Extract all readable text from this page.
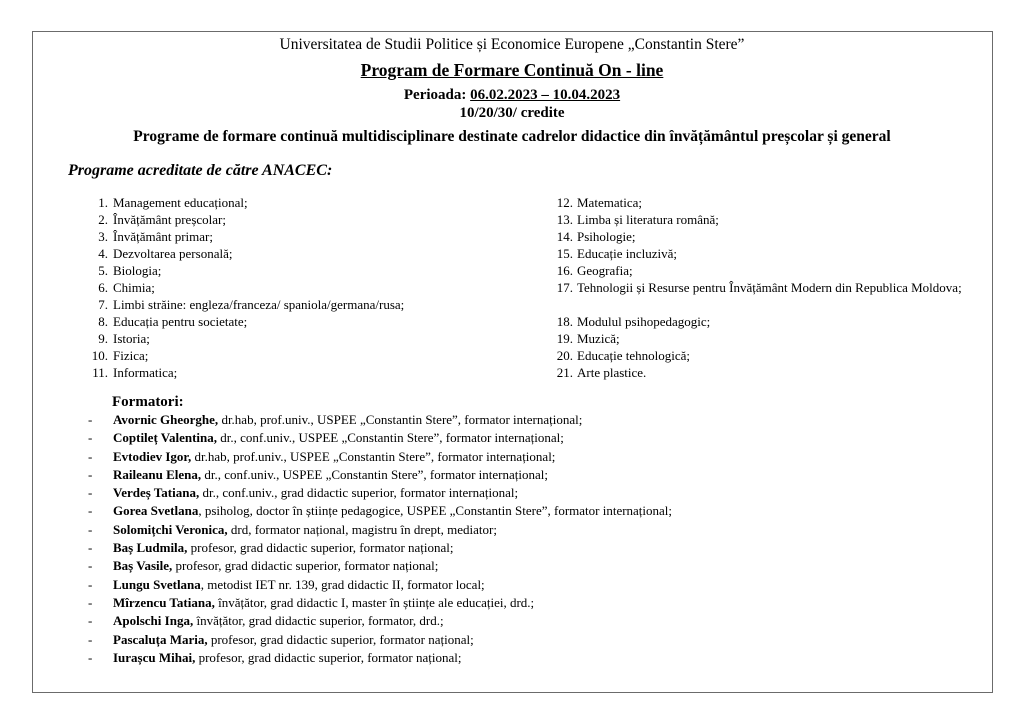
Universitatea de Studii Politice și Economice Europene „Constantin Stere”
Program de Formare Continuă On - line
Perioada: 06.02.2023 – 10.04.2023
10/20/30/ credite
Programe de formare continuă multidisciplinare destinate cadrelor didactice din învățământul preșcolar și general
Programe acreditate de către ANACEC:
1. Management educațional;
2. Învățământ preșcolar;
3. Învățământ primar;
4. Dezvoltarea personală;
5. Biologia;
6. Chimia;
7. Limbi străine: engleza/franceza/ spaniola/germana/rusa;
8. Educația pentru societate;
9. Istoria;
10. Fizica;
11. Informatica;
12. Matematica;
13. Limba și literatura română;
14. Psihologie;
15. Educație incluzivă;
16. Geografia;
17. Tehnologii și Resurse pentru Învățământ Modern din Republica Moldova;
18. Modulul psihopedagogic;
19. Muzică;
20. Educație tehnologică;
21. Arte plastice.
Formatori:
- Avornic Gheorghe, dr.hab, prof.univ., USPEE „Constantin Stere”, formator internațional;
- Coptileț Valentina, dr., conf.univ., USPEE „Constantin Stere”, formator internațional;
- Evtodiev Igor, dr.hab, prof.univ., USPEE „Constantin Stere”, formator internațional;
- Raileanu Elena, dr., conf.univ., USPEE „Constantin Stere”, formator internațional;
- Verdeș Tatiana, dr., conf.univ., grad didactic superior, formator internațional;
- Gorea Svetlana, psiholog, doctor în științe pedagogice, USPEE „Constantin Stere”, formator internațional;
- Solomițchi Veronica, drd, formator național, magistru în drept, mediator;
- Baș Ludmila, profesor, grad didactic superior, formator național;
- Baș Vasile, profesor, grad didactic superior, formator național;
- Lungu Svetlana, metodist IET nr. 139, grad didactic II, formator local;
- Mîrzencu Tatiana, învățător, grad didactic I, master în științe ale educației, drd.;
- Apolschi Inga, învățător, grad didactic superior, formator, drd.;
- Pascaluța Maria, profesor, grad didactic superior, formator național;
- Iurașcu Mihai, profesor, grad didactic superior, formator național;
